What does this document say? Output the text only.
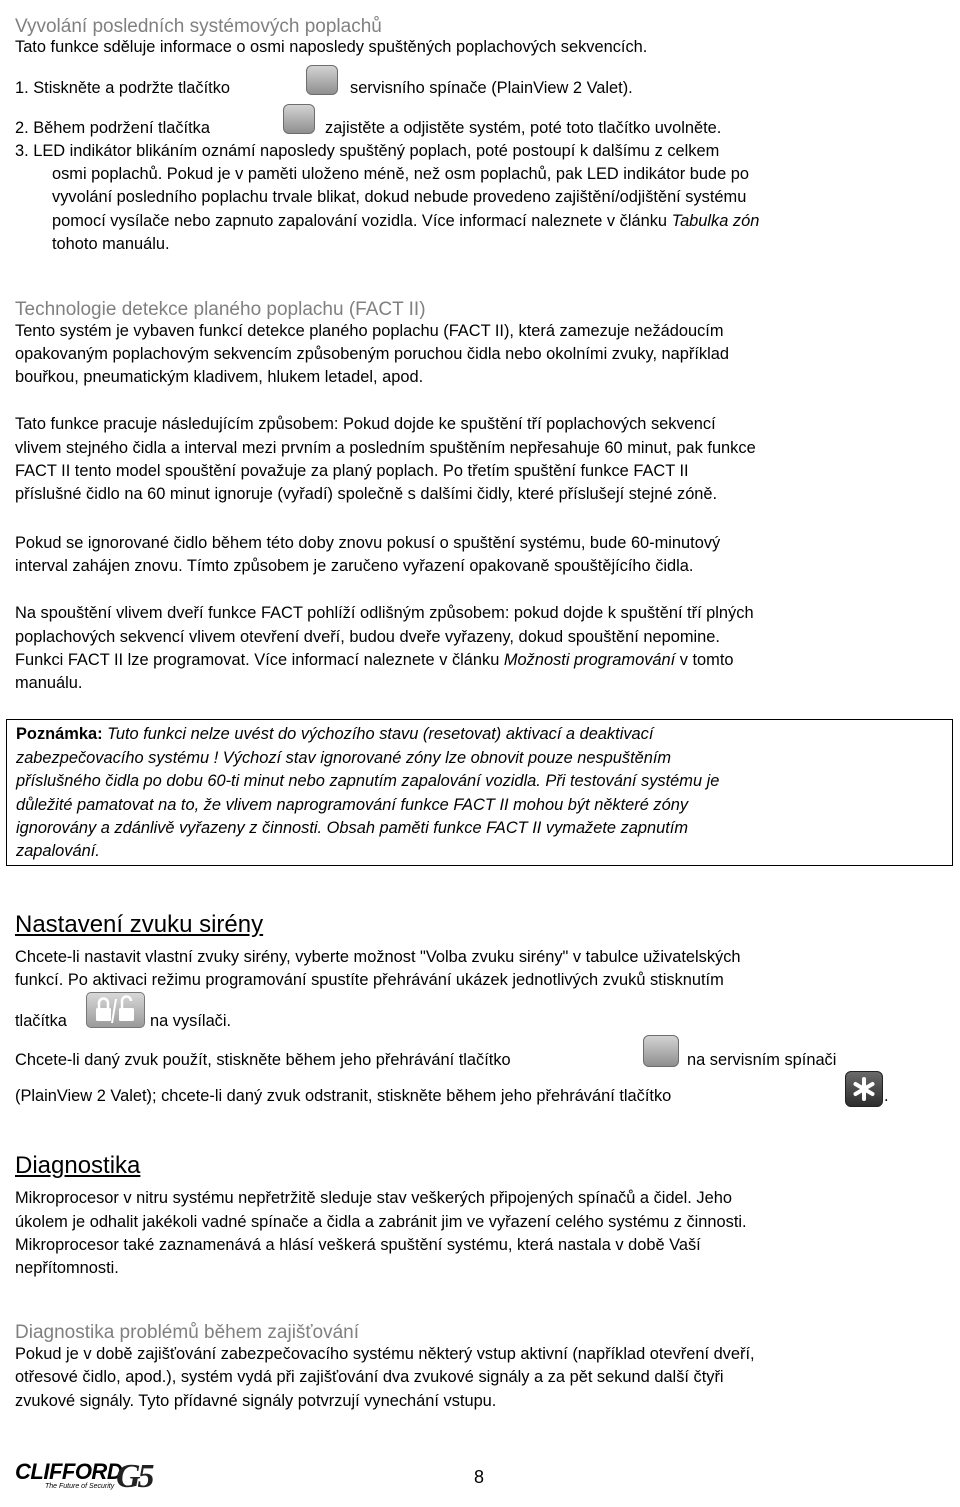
Vyvolání posledních systémových poplachů
Tato funkce sděluje informace o osmi naposledy spuštěných poplachových sekvencích.
1. Stiskněte a podržte tlačítko	servisního spínače (PlainView 2 Valet).
2. Během podržení tlačítka	zajistěte a odjistěte systém, poté toto tlačítko uvolněte.
3. LED indikátor blikáním oznámí naposledy spuštěný poplach, poté postoupí k dalšímu z celkem
osmi poplachů. Pokud je v paměti uloženo méně, než osm poplachů, pak LED indikátor bude po
vyvolání posledního poplachu trvale blikat, dokud nebude provedeno zajištění/odjištění systému
pomocí vysílače nebo zapnuto zapalování vozidla. Více informací naleznete v článku Tabulka zón
tohoto manuálu.
Technologie detekce planého poplachu (FACT II)
Tento systém je vybaven funkcí detekce planého poplachu (FACT II), která zamezuje nežádoucím
opakovaným poplachovým sekvencím způsobeným poruchou čidla nebo okolními zvuky, například
bouřkou, pneumatickým kladivem, hlukem letadel, apod.
Tato funkce pracuje následujícím způsobem: Pokud dojde ke spuštění tří poplachových sekvencí
vlivem stejného čidla a interval mezi prvním a posledním spuštěním nepřesahuje 60 minut, pak funkce
FACT II tento model spouštění považuje za planý poplach. Po třetím spuštění funkce FACT II
příslušné čidlo na 60 minut ignoruje (vyřadí) společně s dalšími čidly, které příslušejí stejné zóně.
Pokud se ignorované čidlo během této doby znovu pokusí o spuštění systému, bude 60-minutový
interval zahájen znovu. Tímto způsobem je zaručeno vyřazení opakovaně spouštějícího čidla.
Na spouštění vlivem dveří funkce FACT pohlíží odlišným způsobem: pokud dojde k spuštění tří plných
poplachových sekvencí vlivem otevření dveří, budou dveře vyřazeny, dokud spouštění nepomine.
Funkci FACT II lze programovat. Více informací naleznete v článku Možnosti programování v tomto
manuálu.
Poznámka: Tuto funkci nelze uvést do výchozího stavu (resetovat) aktivací a deaktivací
zabezpečovacího systému ! Výchozí stav ignorované zóny lze obnovit pouze nespuštěním
příslušného čidla po dobu 60-ti minut nebo zapnutím zapalování vozidla. Při testování systému je
důležité pamatovat na to, že vlivem naprogramování funkce FACT II mohou být některé zóny
ignorovány a zdánlivě vyřazeny z činnosti. Obsah paměti funkce FACT II vymažete zapnutím
zapalování.
Nastavení zvuku sirény
Chcete-li nastavit vlastní zvuky sirény, vyberte možnost "Volba zvuku sirény" v tabulce uživatelských
funkcí. Po aktivaci režimu programování spustíte přehrávání ukázek jednotlivých zvuků stisknutím
tlačítka	na vysílači.
Chcete-li daný zvuk použít, stiskněte během jeho přehrávání tlačítko	na servisním spínači
(PlainView 2 Valet); chcete-li daný zvuk odstranit, stiskněte během jeho přehrávání tlačítko	.
Diagnostika
Mikroprocesor v nitru systému nepřetržitě sleduje stav veškerých připojených spínačů a čidel. Jeho
úkolem je odhalit jakékoli vadné spínače a čidla a zabránit jim ve vyřazení celého systému z činnosti.
Mikroprocesor také zaznamenává a hlásí veškerá spuštění systému, která nastala v době Vaší
nepřítomnosti.
Diagnostika problémů během zajišťování
Pokud je v době zajišťování zabezpečovacího systému některý vstup aktivní (například otevření dveří,
otřesové čidlo, apod.), systém vydá při zajišťování dva zvukové signály a za pět sekund další čtyři
zvukové signály. Tyto přídavné signály potvrzují vynechání vstupu.
CLIFFORD
The Future of Security G5	8
